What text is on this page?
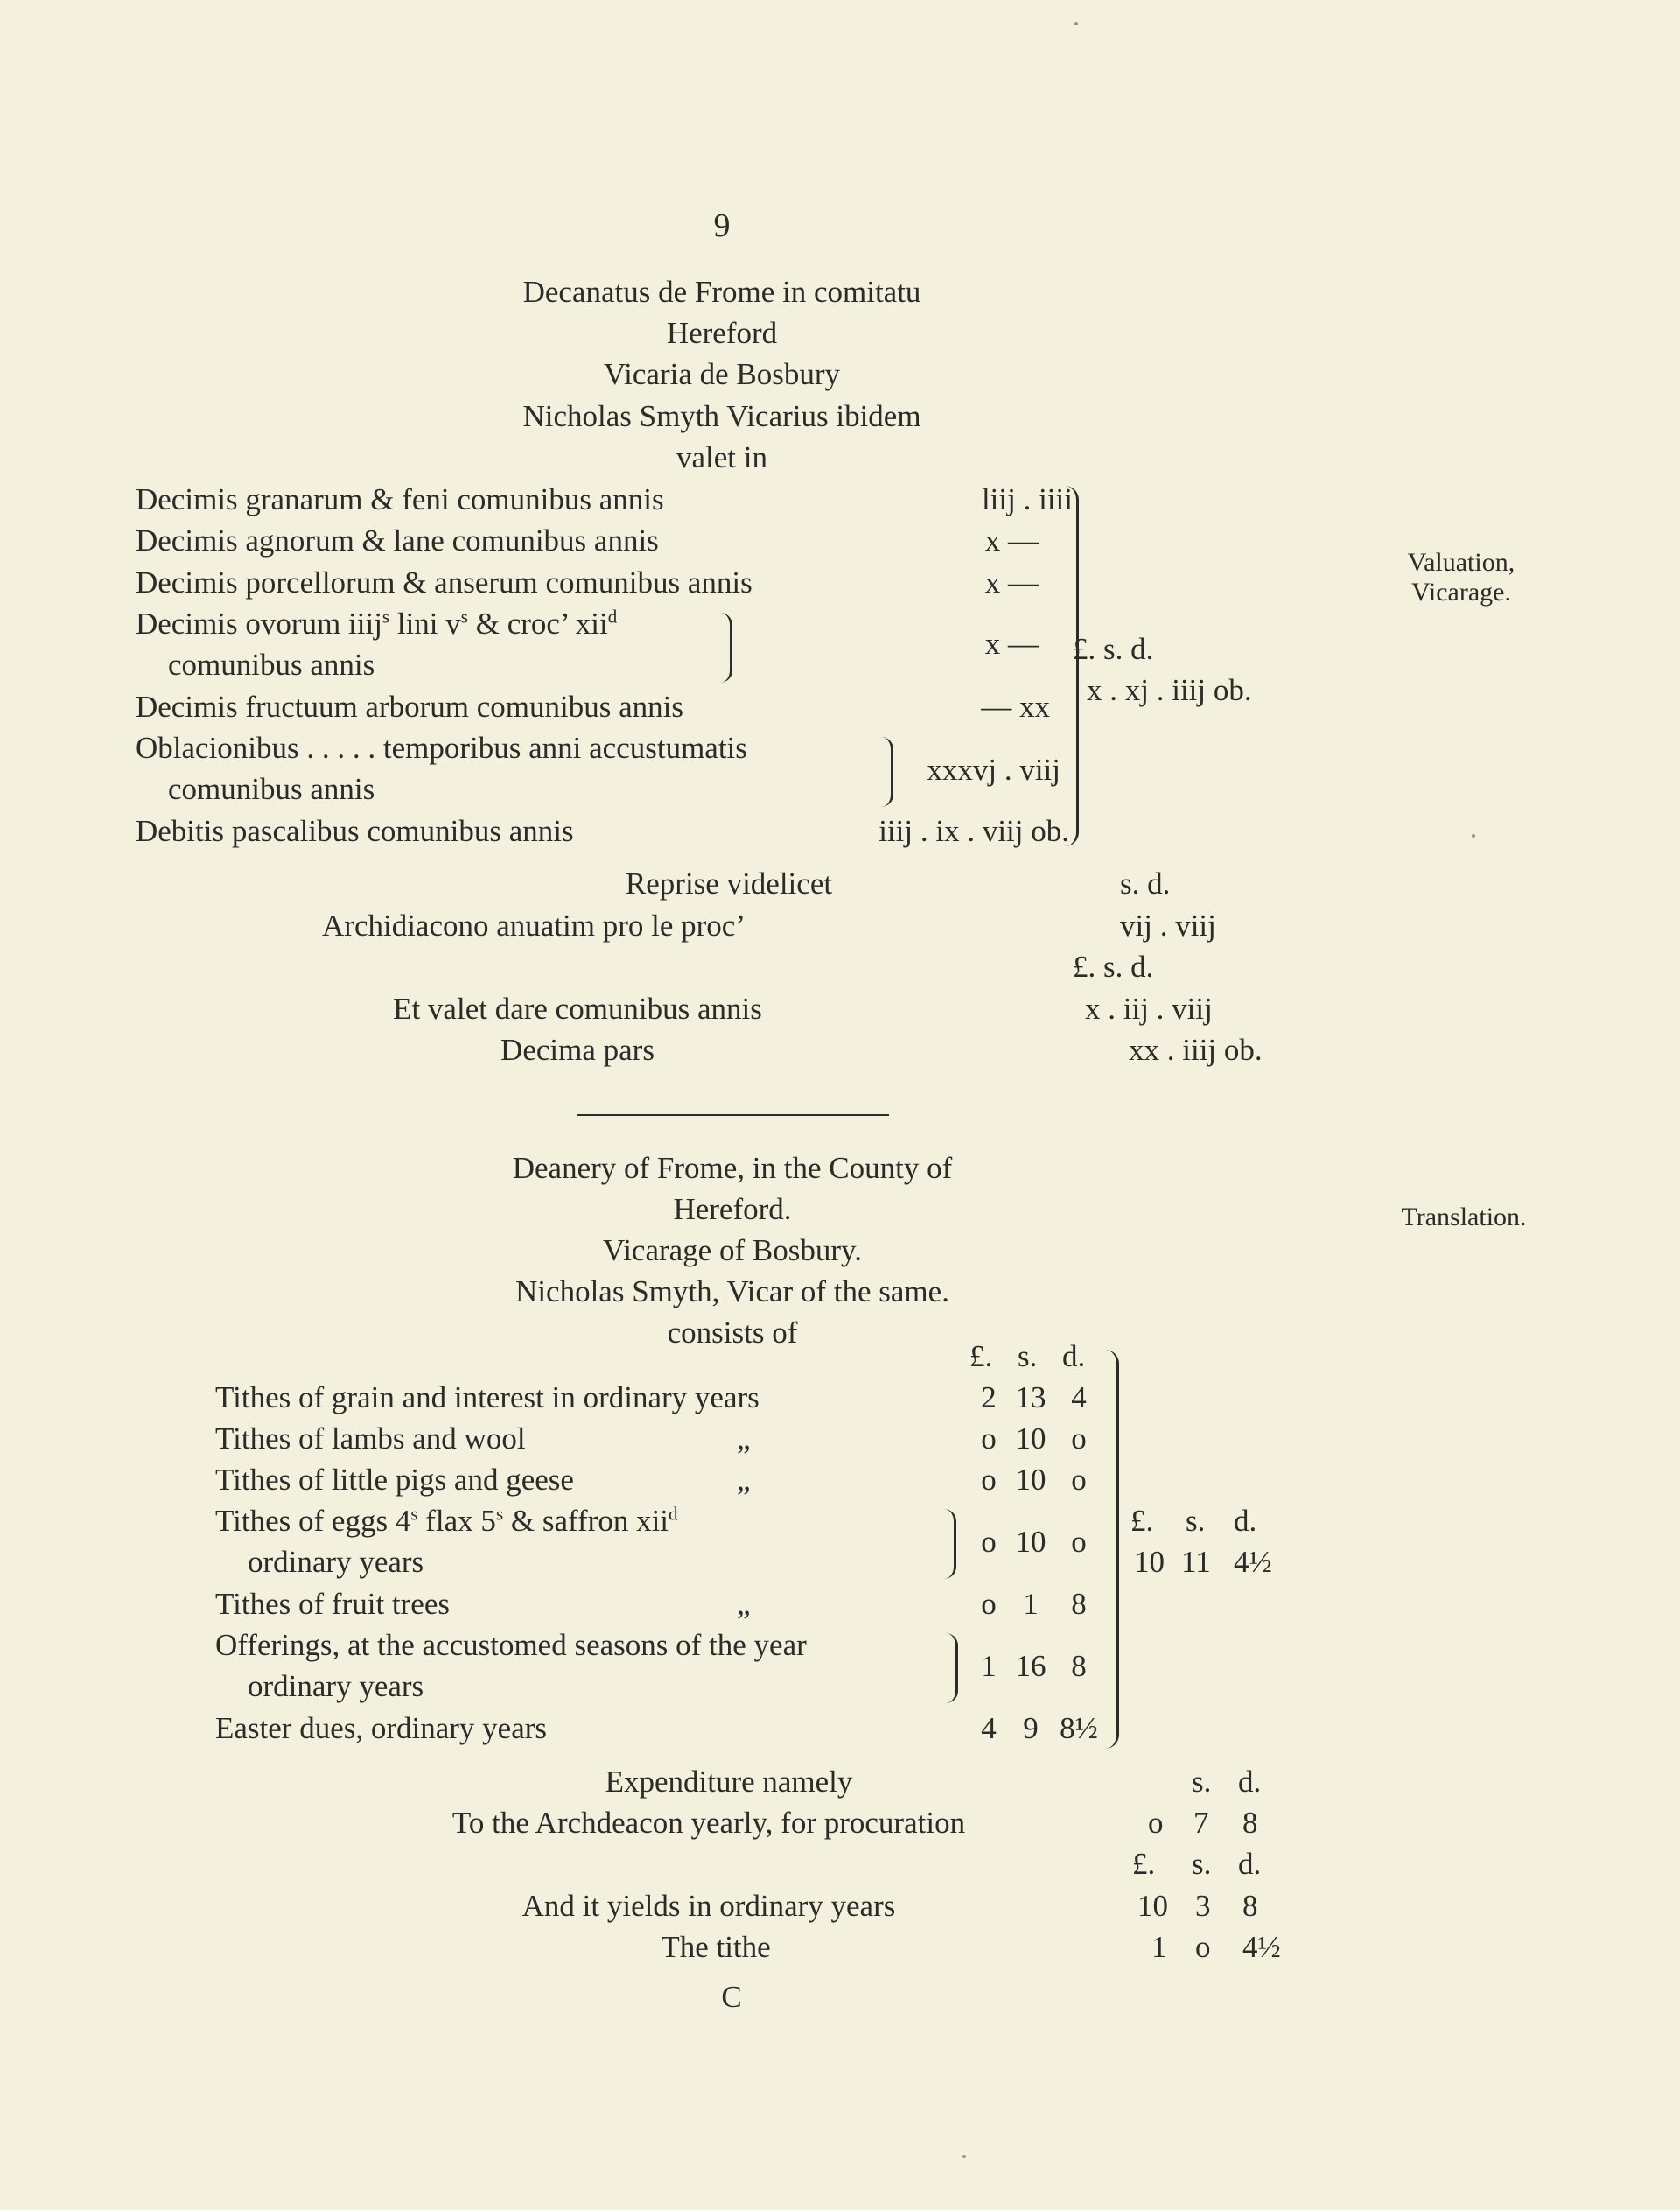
9
Decanatus de Frome in comitatu
Hereford
Vicaria de Bosbury
Nicholas Smyth Vicarius ibidem
valet in
Decimis granarum & feni comunibus annis	liij . iiii
Decimis agnorum & lane comunibus annis	x —
Decimis porcellorum & anserum comunibus annis	x —
Decimis ovorum iiij$^s$ lini $v^s$ & croc’ xii$^d$
comunibus annis
x —
Decimis fructuum arborum comunibus annis	— xx
Oblacionibus . . . . . temporibus anni accustumatis
comunibus annis
xxxvj . viij
Debitis pascalibus comunibus annis	iiij . ix . viij ob.
£. s. d.
x . xj . iiij ob.
Reprise videlicet	s. d.
Archidiacono anuatim pro le proc’	vij . viij
£. s. d.
Et valet dare comunibus annis	x . iij . viij
Decima pars	xx . iiij ob.
Valuation,
Vicarage.
Translation.
Deanery of Frome, in the County of
Hereford.
Vicarage of Bosbury.
Nicholas Smyth, Vicar of the same.
consists of
£. s. d.
Tithes of grain and interest in ordinary years	2 13 4
Tithes of lambs and wool	„	o 10 o
Tithes of little pigs and geese	„	o 10 o
Tithes of eggs 4$^s$ flax 5$^s$ & saffron xii$^d$
ordinary years
o 10 o
Tithes of fruit trees	„	o 1 8
Offerings, at the accustomed seasons of the year
ordinary years
1 16 8
Easter dues, ordinary years	4 9 8½
£. s. d.
10 11 4½
Expenditure namely	s. d.
To the Archdeacon yearly, for procuration	o 7 8
£. s. d.
And it yields in ordinary years	10 3 8
The tithe	1 o 4½
C
